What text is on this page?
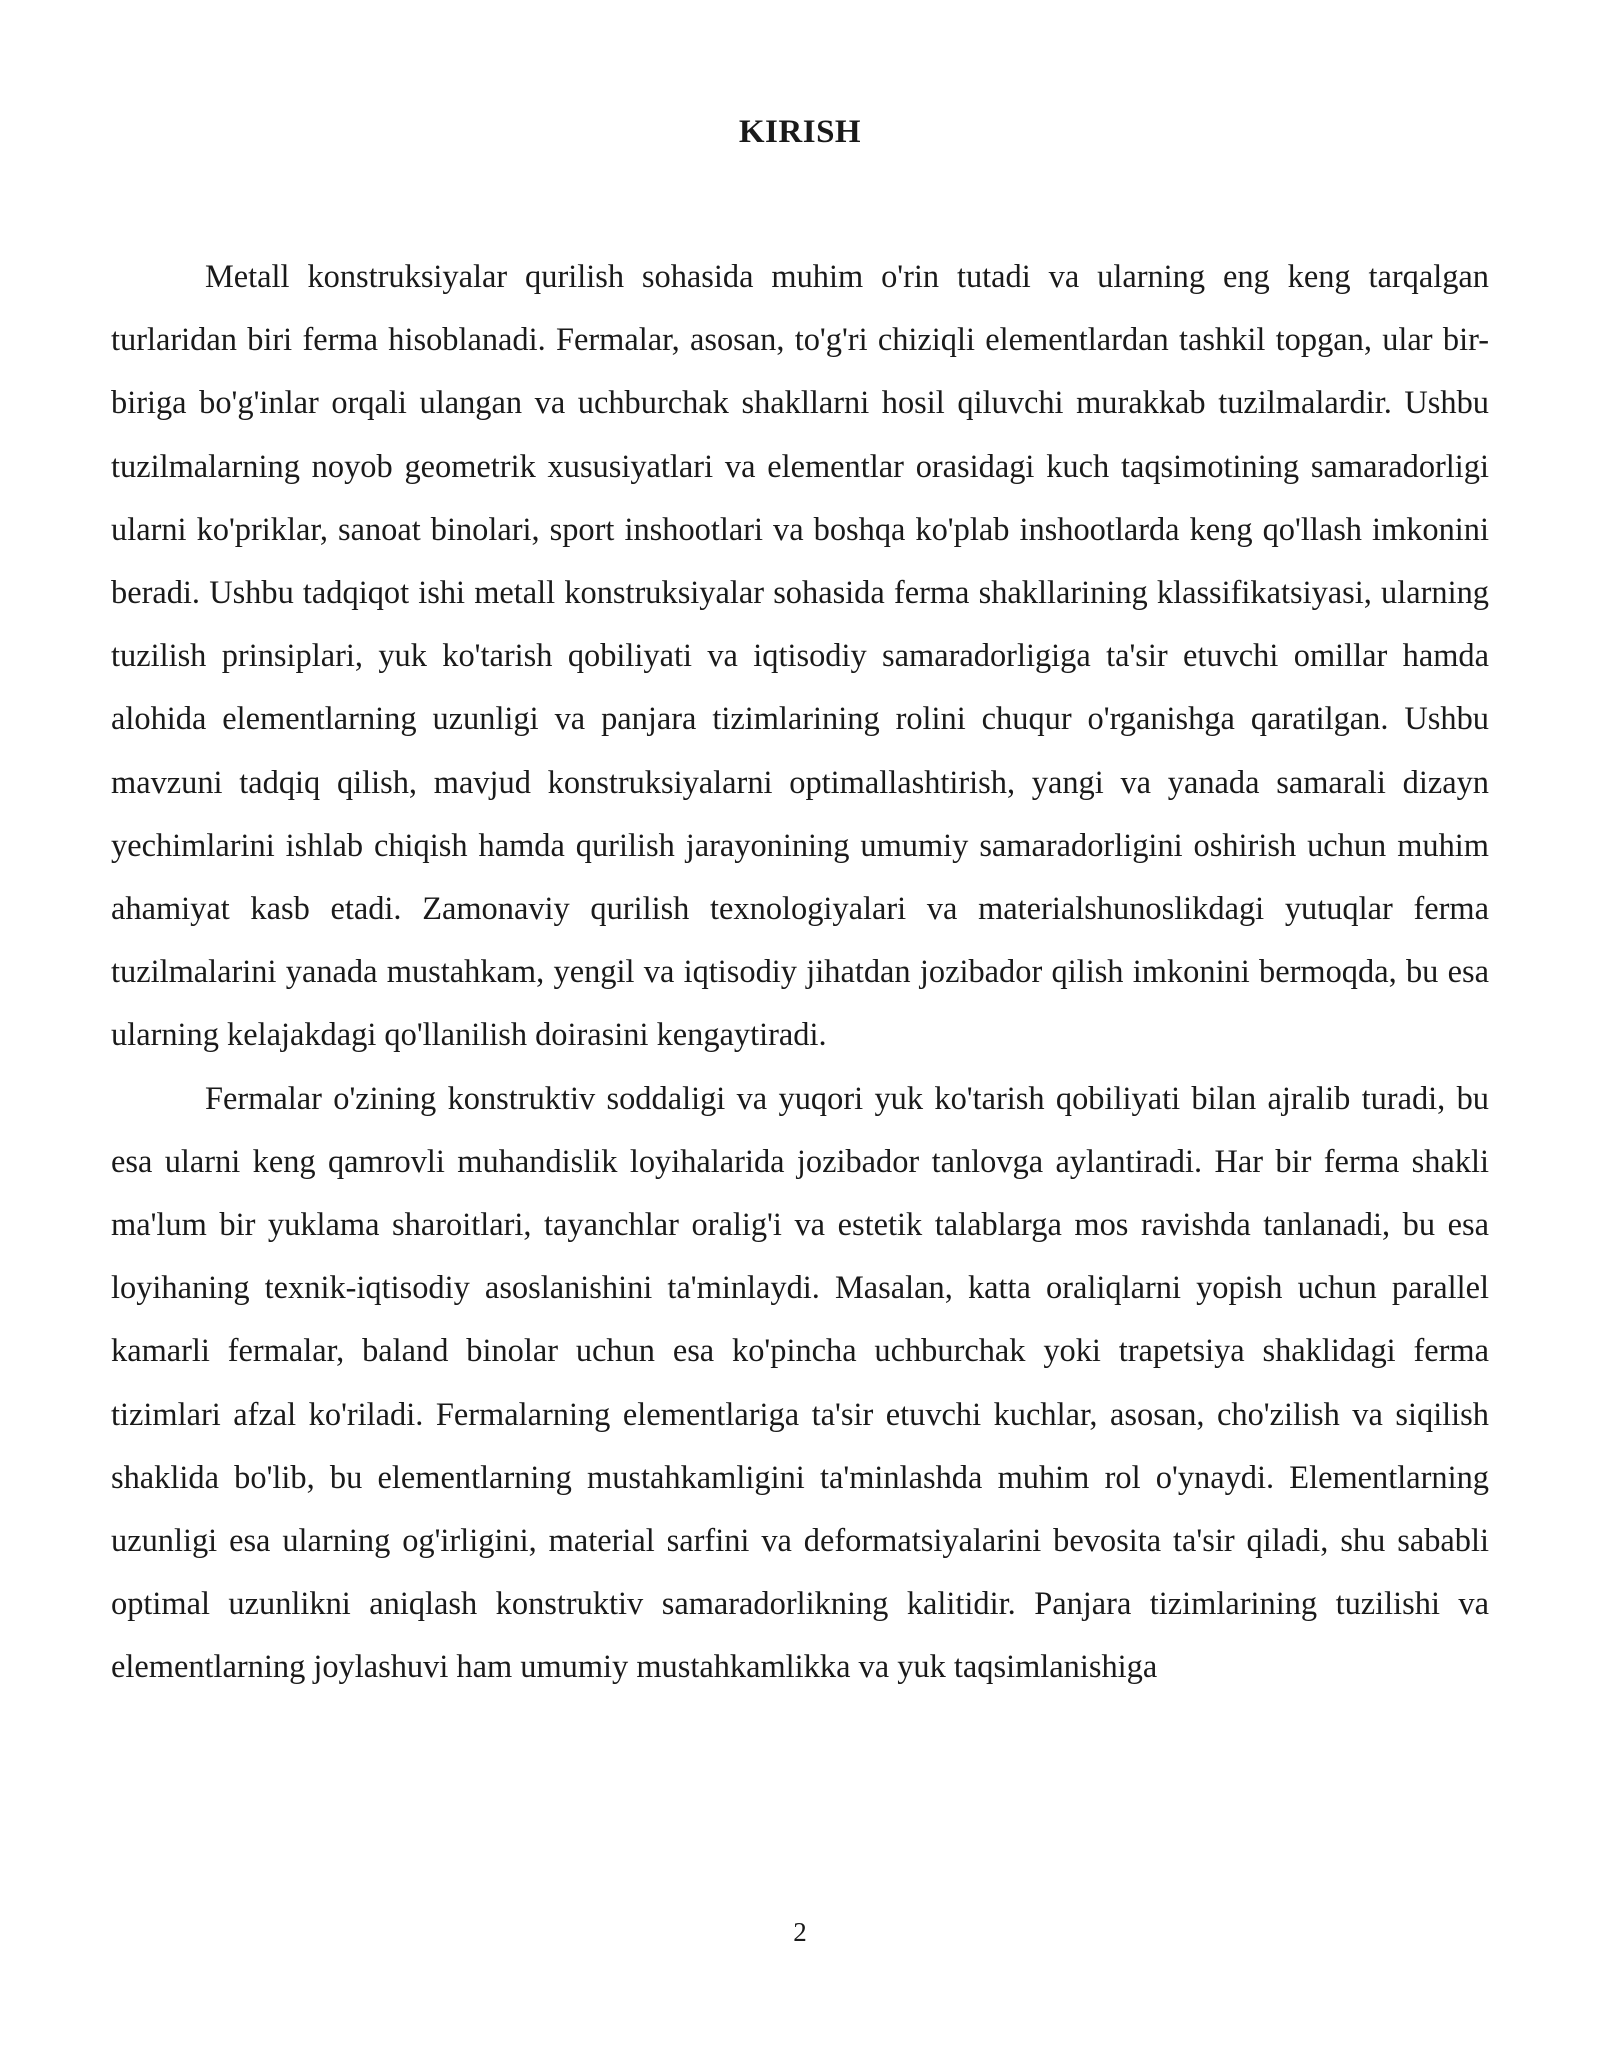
KIRISH

Metall konstruksiyalar qurilish sohasida muhim o'rin tutadi va ularning eng keng tarqalgan turlaridan biri ferma hisoblanadi. Fermalar, asosan, to'g'ri chiziqli elementlardan tashkil topgan, ular bir-biriga bo'g'inlar orqali ulangan va uchburchak shakllarni hosil qiluvchi murakkab tuzilmalardir. Ushbu tuzilmalarning noyob geometrik xususiyatlari va elementlar orasidagi kuch taqsimotining samaradorligi ularni ko'priklar, sanoat binolari, sport inshootlari va boshqa ko'plab inshootlarda keng qo'llash imkonini beradi. Ushbu tadqiqot ishi metall konstruksiyalar sohasida ferma shakllarining klassifikatsiyasi, ularning tuzilish prinsiplari, yuk ko'tarish qobiliyati va iqtisodiy samaradorligiga ta'sir etuvchi omillar hamda alohida elementlarning uzunligi va panjara tizimlarining rolini chuqur o'rganishga qaratilgan. Ushbu mavzuni tadqiq qilish, mavjud konstruksiyalarni optimallashtirish, yangi va yanada samarali dizayn yechimlarini ishlab chiqish hamda qurilish jarayonining umumiy samaradorligini oshirish uchun muhim ahamiyat kasb etadi. Zamonaviy qurilish texnologiyalari va materialshunoslikdagi yutuqlar ferma tuzilmalarini yanada mustahkam, yengil va iqtisodiy jihatdan jozibador qilish imkonini bermoqda, bu esa ularning kelajakdagi qo'llanilish doirasini kengaytiradi.

Fermalar o'zining konstruktiv soddaligi va yuqori yuk ko'tarish qobiliyati bilan ajralib turadi, bu esa ularni keng qamrovli muhandislik loyihalarida jozibador tanlovga aylantiradi. Har bir ferma shakli ma'lum bir yuklama sharoitlari, tayanchlar oralig'i va estetik talablarga mos ravishda tanlanadi, bu esa loyihaning texnik-iqtisodiy asoslanishini ta'minlaydi. Masalan, katta oraliqlarni yopish uchun parallel kamarli fermalar, baland binolar uchun esa ko'pincha uchburchak yoki trapetsiya shaklidagi ferma tizimlari afzal ko'riladi. Fermalarning elementlariga ta'sir etuvchi kuchlar, asosan, cho'zilish va siqilish shaklida bo'lib, bu elementlarning mustahkamligini ta'minlashda muhim rol o'ynaydi. Elementlarning uzunligi esa ularning og'irligini, material sarfini va deformatsiyalarini bevosita ta'sir qiladi, shu sababli optimal uzunlikni aniqlash konstruktiv samaradorlikning kalitidir. Panjara tizimlarining tuzilishi va elementlarning joylashuvi ham umumiy mustahkamlikka va yuk taqsimlanishiga

2
